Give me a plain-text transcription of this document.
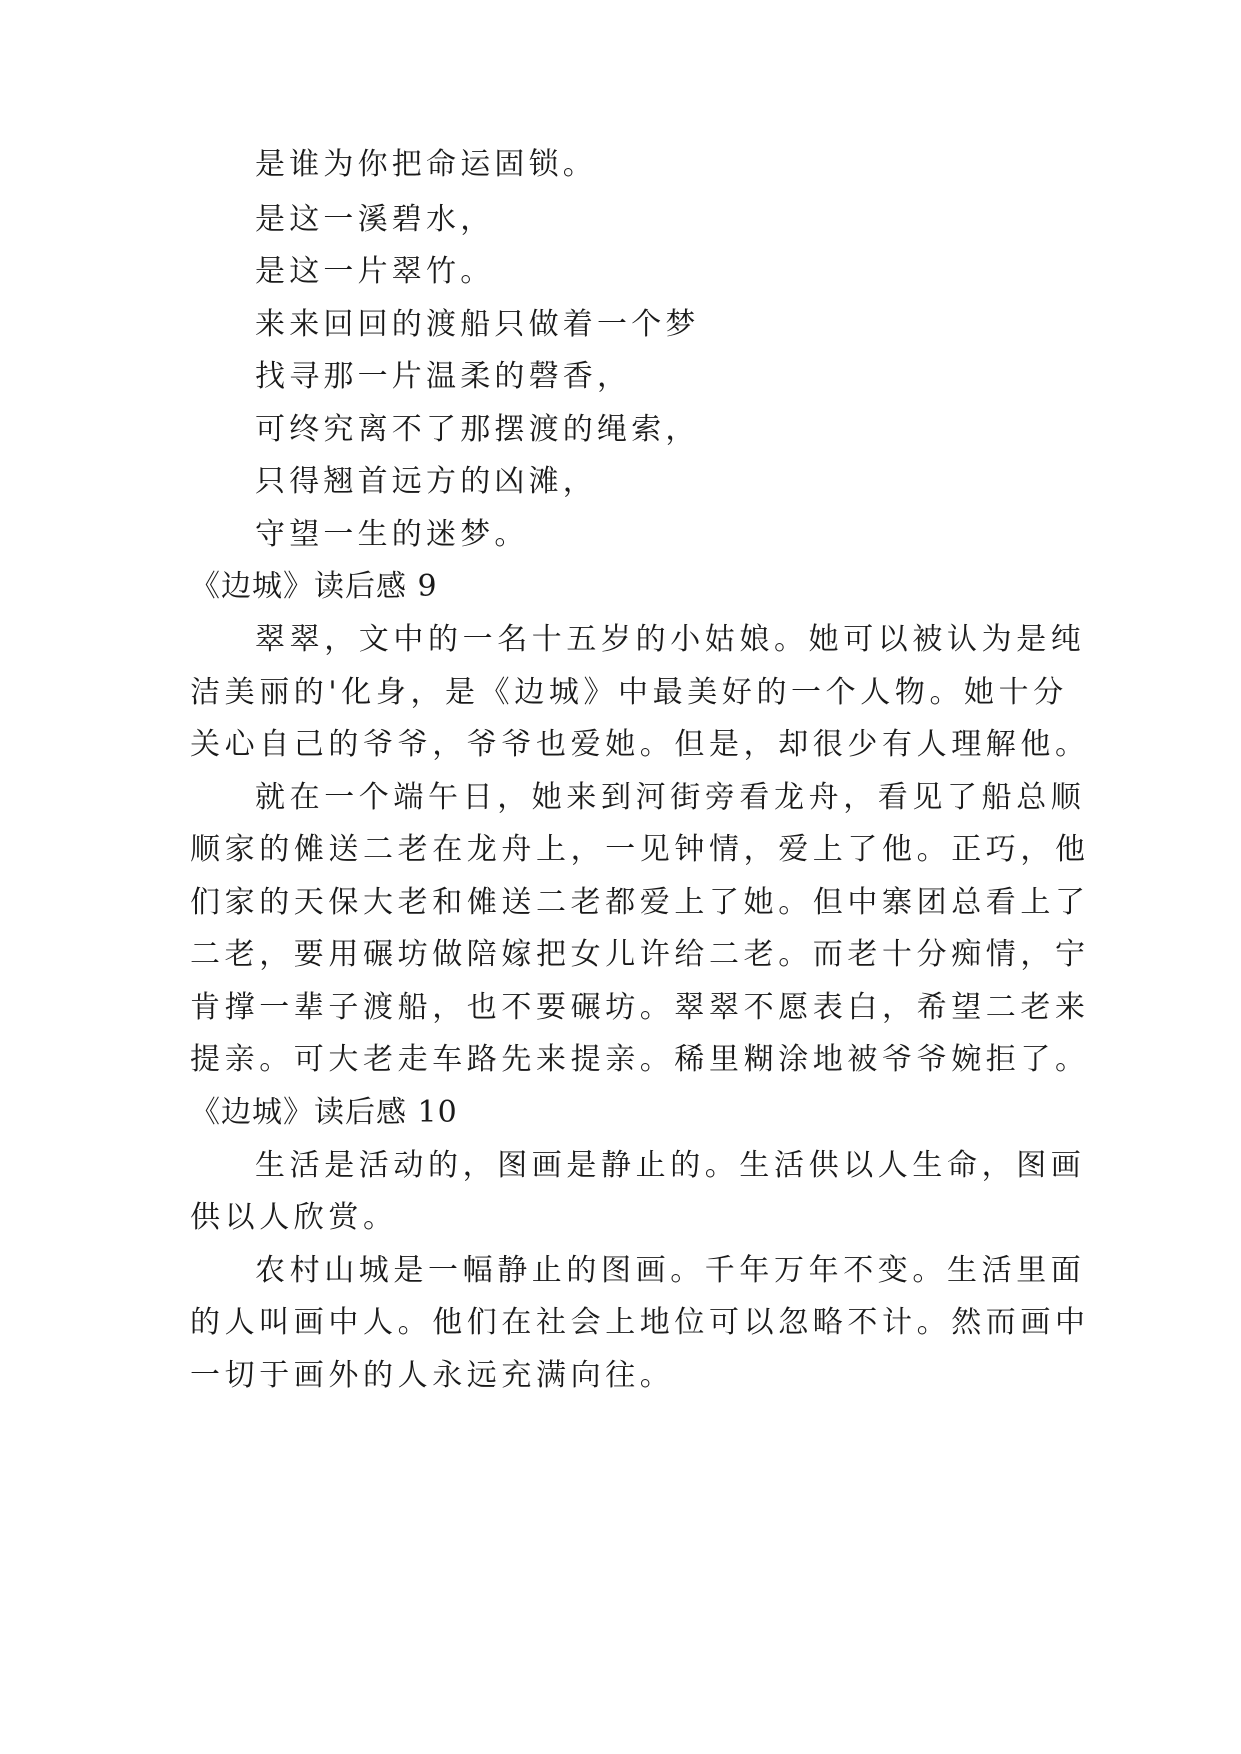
是谁为你把命运固锁。

是这一溪碧水，

是这一片翠竹。

来来回回的渡船只做着一个梦

找寻那一片温柔的磬香，

可终究离不了那摆渡的绳索，

只得翘首远方的凶滩，

守望一生的迷梦。

《边城》读后感 9

翠翠，文中的一名十五岁的小姑娘。她可以被认为是纯

洁美丽的'化身，是《边城》中最美好的一个人物。她十分

关心自己的爷爷，爷爷也爱她。但是，却很少有人理解他。

就在一个端午日，她来到河街旁看龙舟，看见了船总顺

顺家的傩送二老在龙舟上，一见钟情，爱上了他。正巧，他

们家的天保大老和傩送二老都爱上了她。但中寨团总看上了

二老，要用碾坊做陪嫁把女儿许给二老。而老十分痴情，宁

肯撑一辈子渡船，也不要碾坊。翠翠不愿表白，希望二老来

提亲。可大老走车路先来提亲。稀里糊涂地被爷爷婉拒了。

《边城》读后感 10

生活是活动的，图画是静止的。生活供以人生命，图画

供以人欣赏。

农村山城是一幅静止的图画。千年万年不变。生活里面

的人叫画中人。他们在社会上地位可以忽略不计。然而画中

一切于画外的人永远充满向往。
